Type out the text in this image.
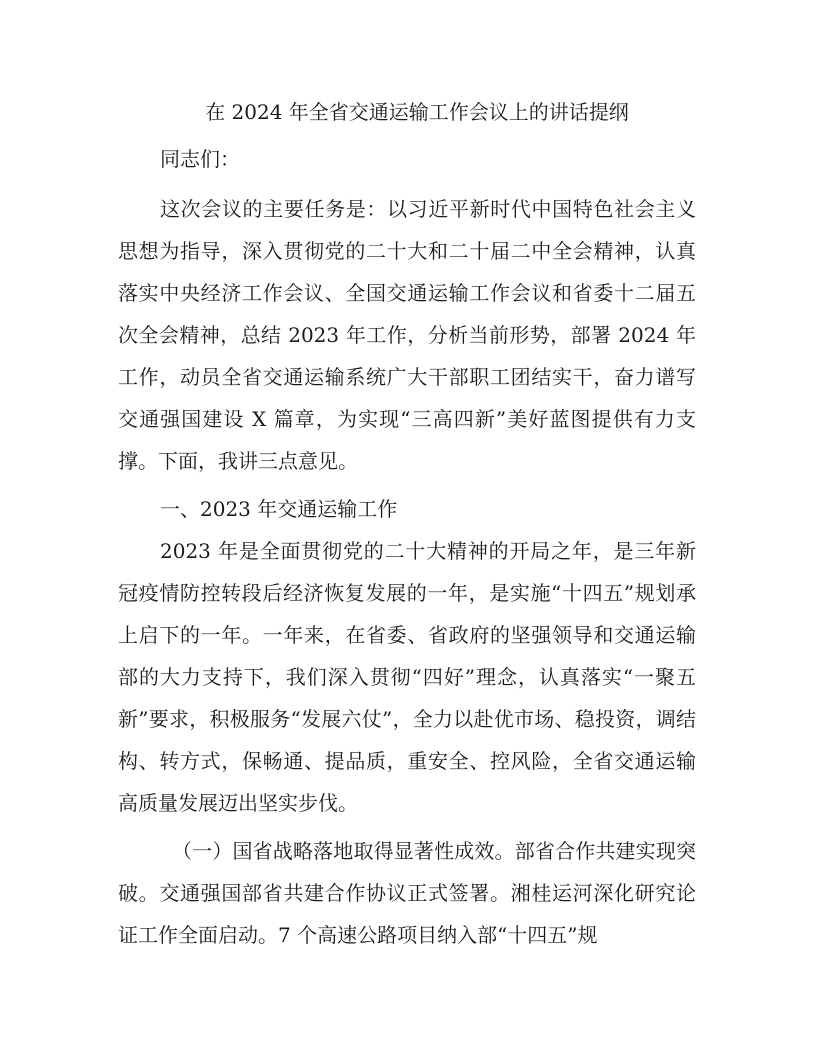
在 2024 年全省交通运输工作会议上的讲话提纲

同志们：

这次会议的主要任务是：以习近平新时代中国特色社会主义思想为指导，深入贯彻党的二十大和二十届二中全会精神，认真落实中央经济工作会议、全国交通运输工作会议和省委十二届五次全会精神，总结 2023 年工作，分析当前形势，部署 2024 年工作，动员全省交通运输系统广大干部职工团结实干，奋力谱写交通强国建设 X 篇章，为实现“三高四新”美好蓝图提供有力支撑。下面，我讲三点意见。

一、2023 年交通运输工作

2023 年是全面贯彻党的二十大精神的开局之年，是三年新冠疫情防控转段后经济恢复发展的一年，是实施“十四五”规划承上启下的一年。一年来，在省委、省政府的坚强领导和交通运输部的大力支持下，我们深入贯彻“四好”理念，认真落实“一聚五新”要求，积极服务“发展六仗”，全力以赴优市场、稳投资，调结构、转方式，保畅通、提品质，重安全、控风险，全省交通运输高质量发展迈出坚实步伐。

（一）国省战略落地取得显著性成效。部省合作共建实现突破。交通强国部省共建合作协议正式签署。湘桂运河深化研究论证工作全面启动。7 个高速公路项目纳入部“十四五”规
